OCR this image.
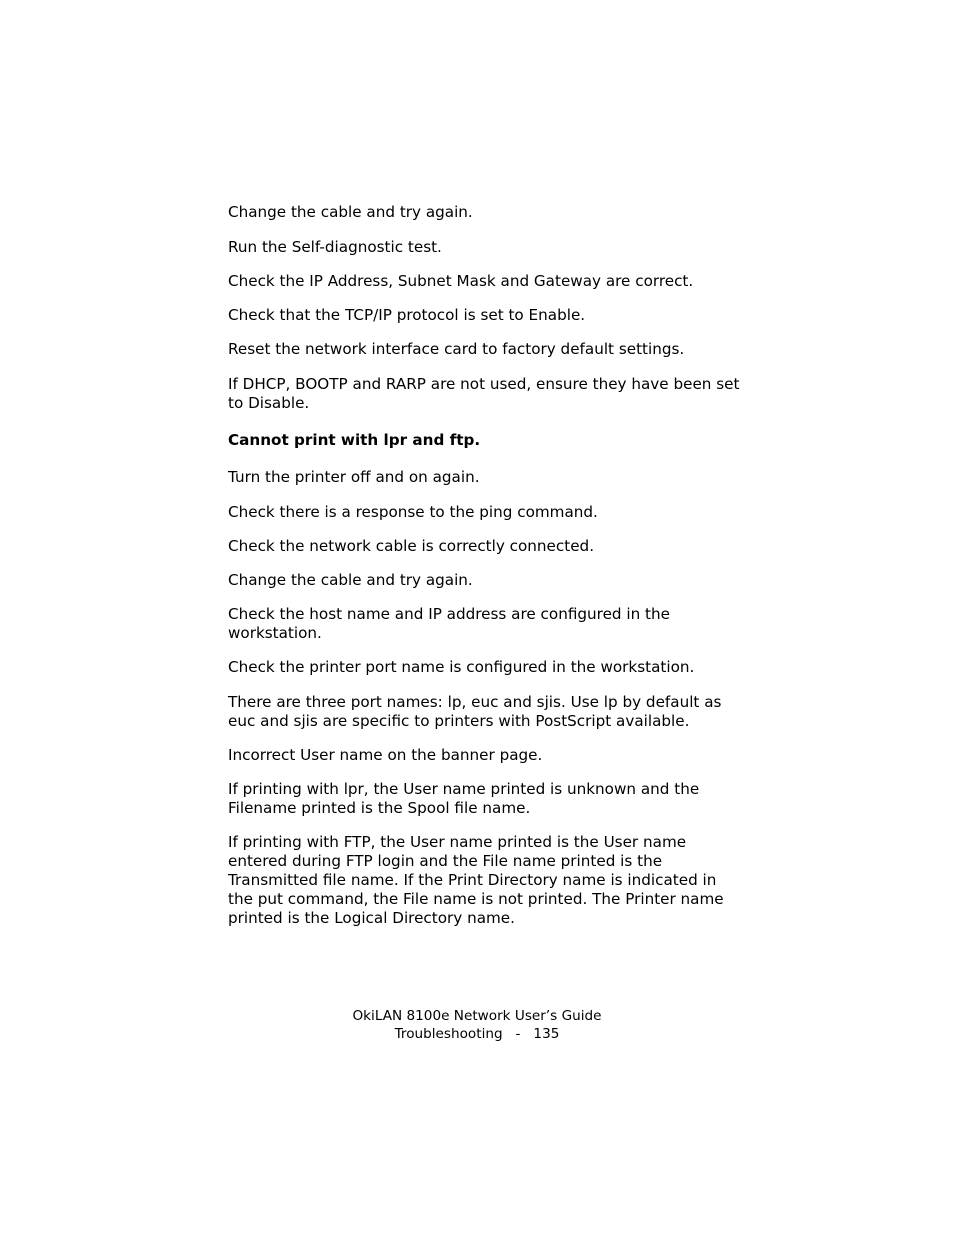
Change the cable and try again.
Run the Self-diagnostic test.
Check the IP Address, Subnet Mask and Gateway are correct.
Check that the TCP/IP protocol is set to Enable.
Reset the network interface card to factory default settings.
If DHCP, BOOTP and RARP are not used, ensure they have been set
to Disable.
Cannot print with lpr and ftp.
Turn the printer off and on again.
Check there is a response to the ping command.
Check the network cable is correctly connected.
Change the cable and try again.
Check the host name and IP address are configured in the
workstation.
Check the printer port name is configured in the workstation.
There are three port names: lp, euc and sjis. Use lp by default as
euc and sjis are specific to printers with PostScript available.
Incorrect User name on the banner page.
If printing with lpr, the User name printed is unknown and the
Filename printed is the Spool file name.
If printing with FTP, the User name printed is the User name
entered during FTP login and the File name printed is the
Transmitted file name. If the Print Directory name is indicated in
the put command, the File name is not printed. The Printer name
printed is the Logical Directory name.
OkiLAN 8100e Network User’s Guide
Troubleshooting   -   135
